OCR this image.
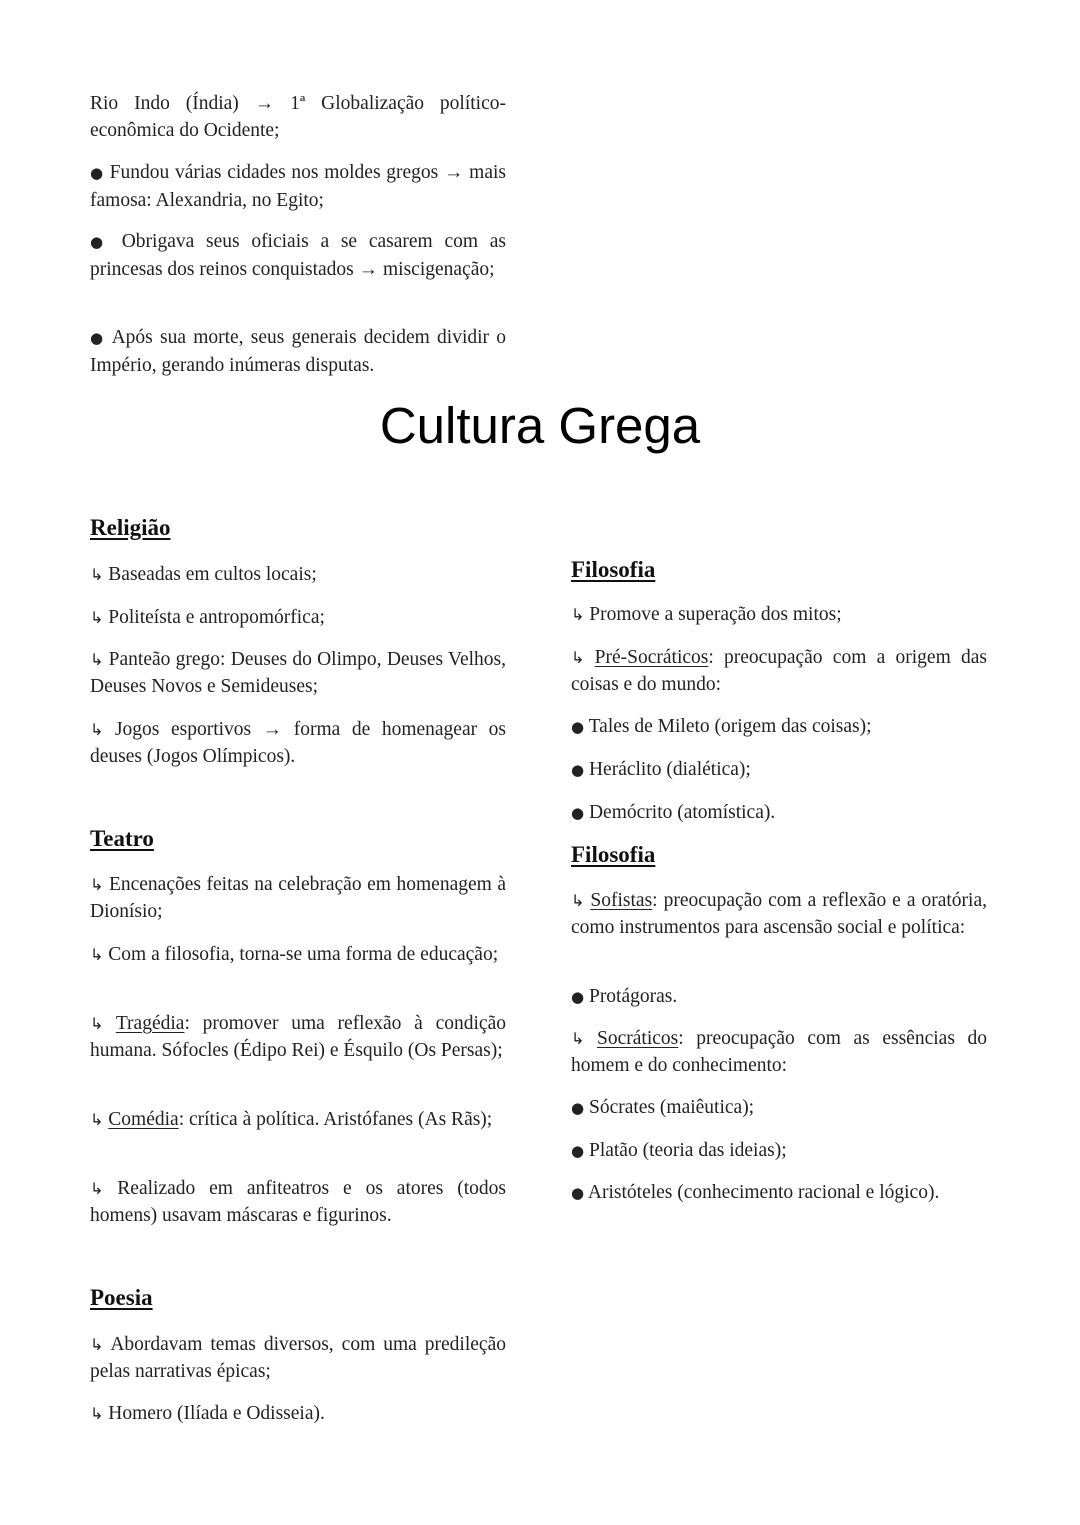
Rio Indo (Índia) → 1ª Globalização político-econômica do Ocidente;

● Fundou várias cidades nos moldes gregos → mais famosa: Alexandria, no Egito;

● Obrigava seus oficiais a se casarem com as princesas dos reinos conquistados → miscigenação;

● Após sua morte, seus generais decidem dividir o Império, gerando inúmeras disputas.

Cultura Grega
Religião

↳ Baseadas em cultos locais;

↳ Politeísta e antropomórfica;

↳ Panteão grego: Deuses do Olimpo, Deuses Velhos, Deuses Novos e Semideuses;

↳ Jogos esportivos → forma de homenagear os deuses (Jogos Olímpicos).

Teatro

↳ Encenações feitas na celebração em homenagem à Dionísio;

↳ Com a filosofia, torna-se uma forma de educação;

↳ Tragédia: promover uma reflexão à condição humana. Sófocles (Édipo Rei) e Ésquilo (Os Persas);

↳ Comédia: crítica à política. Aristófanes (As Rãs);

↳ Realizado em anfiteatros e os atores (todos homens) usavam máscaras e figurinos.

Poesia

↳ Abordavam temas diversos, com uma predileção pelas narrativas épicas;

↳ Homero (Ilíada e Odisseia).

Filosofia

↳ Promove a superação dos mitos;

↳ Pré-Socráticos: preocupação com a origem das coisas e do mundo:

● Tales de Mileto (origem das coisas);

● Heráclito (dialética);

● Demócrito (atomística).

Filosofia

↳ Sofistas: preocupação com a reflexão e a oratória, como instrumentos para ascensão social e política:

● Protágoras.

↳ Socráticos: preocupação com as essências do homem e do conhecimento:

● Sócrates (maiêutica);

● Platão (teoria das ideias);

● Aristóteles (conhecimento racional e lógico).
